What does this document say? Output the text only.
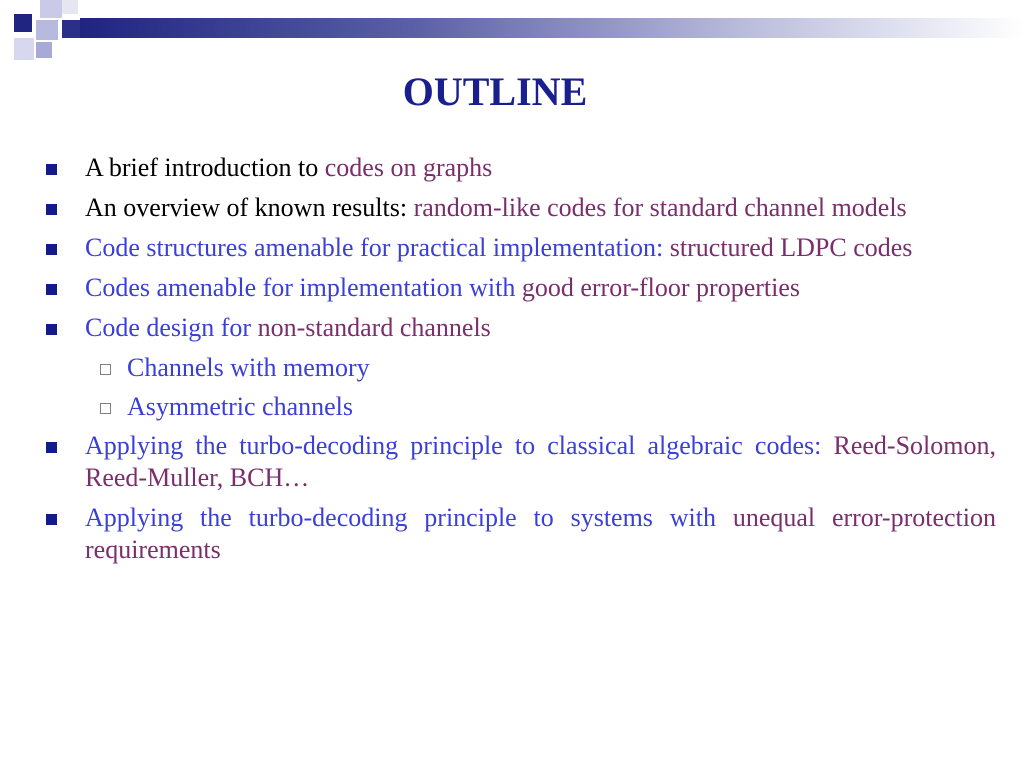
OUTLINE
A brief introduction to codes on graphs
An overview of known results: random-like codes for standard channel models
Code structures amenable for practical implementation: structured LDPC codes
Codes amenable for implementation with good error-floor properties
Code design for non-standard channels
Channels with memory
Asymmetric channels
Applying the turbo-decoding principle to classical algebraic codes: Reed-Solomon, Reed-Muller, BCH…
Applying the turbo-decoding principle to systems with unequal error-protection requirements
